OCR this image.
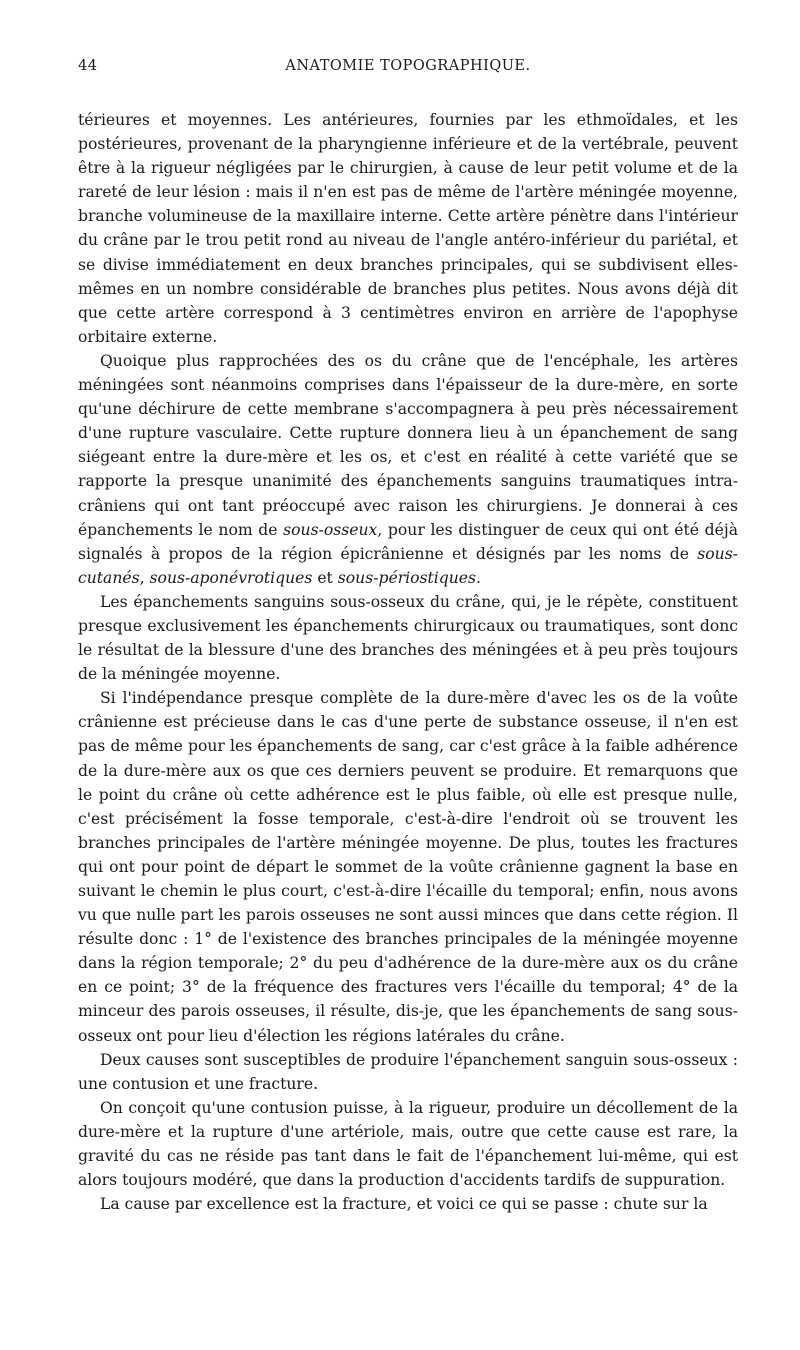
44	ANATOMIE TOPOGRAPHIQUE.

térieures et moyennes. Les antérieures, fournies par les ethmoïdales, et les postérieures, provenant de la pharyngienne inférieure et de la vertébrale, peuvent être à la rigueur négligées par le chirurgien, à cause de leur petit volume et de la rareté de leur lésion : mais il n'en est pas de même de l'artère méningée moyenne, branche volumineuse de la maxillaire interne. Cette artère pénètre dans l'intérieur du crâne par le trou petit rond au niveau de l'angle antéro-inférieur du pariétal, et se divise immédiatement en deux branches principales, qui se subdivisent elles-mêmes en un nombre considérable de branches plus petites. Nous avons déjà dit que cette artère correspond à 3 centimètres environ en arrière de l'apophyse orbitaire externe.

Quoique plus rapprochées des os du crâne que de l'encéphale, les artères méningées sont néanmoins comprises dans l'épaisseur de la dure-mère, en sorte qu'une déchirure de cette membrane s'accompagnera à peu près nécessairement d'une rupture vasculaire. Cette rupture donnera lieu à un épanchement de sang siégeant entre la dure-mère et les os, et c'est en réalité à cette variété que se rapporte la presque unanimité des épanchements sanguins traumatiques intra-crâniens qui ont tant préoccupé avec raison les chirurgiens. Je donnerai à ces épanchements le nom de sous-osseux, pour les distinguer de ceux qui ont été déjà signalés à propos de la région épicrânienne et désignés par les noms de sous-cutanés, sous-aponévrotiques et sous-périostiques.

Les épanchements sanguins sous-osseux du crâne, qui, je le répète, constituent presque exclusivement les épanchements chirurgicaux ou traumatiques, sont donc le résultat de la blessure d'une des branches des méningées et à peu près toujours de la méningée moyenne.

Si l'indépendance presque complète de la dure-mère d'avec les os de la voûte crânienne est précieuse dans le cas d'une perte de substance osseuse, il n'en est pas de même pour les épanchements de sang, car c'est grâce à la faible adhérence de la dure-mère aux os que ces derniers peuvent se produire. Et remarquons que le point du crâne où cette adhérence est le plus faible, où elle est presque nulle, c'est précisément la fosse temporale, c'est-à-dire l'endroit où se trouvent les branches principales de l'artère méningée moyenne. De plus, toutes les fractures qui ont pour point de départ le sommet de la voûte crânienne gagnent la base en suivant le chemin le plus court, c'est-à-dire l'écaille du temporal; enfin, nous avons vu que nulle part les parois osseuses ne sont aussi minces que dans cette région. Il résulte donc : 1° de l'existence des branches principales de la méningée moyenne dans la région temporale; 2° du peu d'adhérence de la dure-mère aux os du crâne en ce point; 3° de la fréquence des fractures vers l'écaille du temporal; 4° de la minceur des parois osseuses, il résulte, dis-je, que les épanchements de sang sous-osseux ont pour lieu d'élection les régions latérales du crâne.

Deux causes sont susceptibles de produire l'épanchement sanguin sous-osseux : une contusion et une fracture.

On conçoit qu'une contusion puisse, à la rigueur, produire un décollement de la dure-mère et la rupture d'une artériole, mais, outre que cette cause est rare, la gravité du cas ne réside pas tant dans le fait de l'épanchement lui-même, qui est alors toujours modéré, que dans la production d'accidents tardifs de suppuration.

La cause par excellence est la fracture, et voici ce qui se passe : chute sur la
